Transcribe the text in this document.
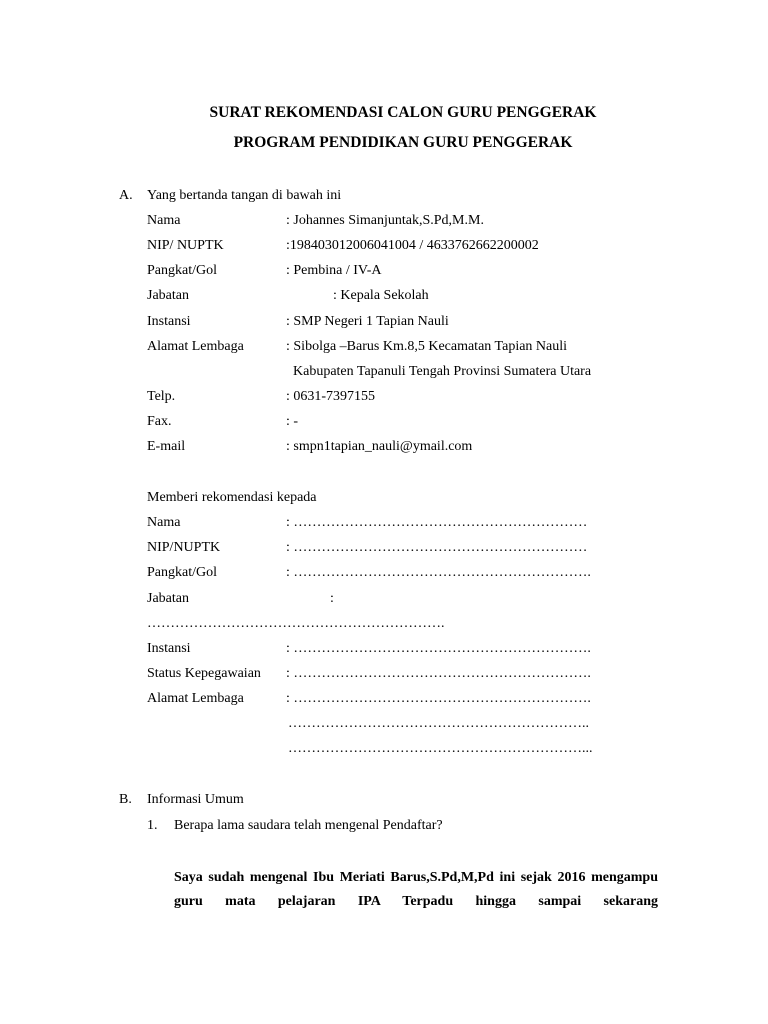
SURAT REKOMENDASI CALON GURU PENGGERAK
PROGRAM PENDIDIKAN GURU PENGGERAK
A. Yang bertanda tangan di bawah ini
Nama	: Johannes Simanjuntak,S.Pd,M.M.
NIP/ NUPTK	:198403012006041004 / 4633762662200002
Pangkat/Gol	: Pembina / IV-A
Jabatan	: Kepala Sekolah
Instansi	: SMP Negeri 1 Tapian Nauli
Alamat Lembaga	: Sibolga –Barus Km.8,5 Kecamatan Tapian Nauli
Kabupaten Tapanuli Tengah Provinsi Sumatera Utara
Telp.	: 0631-7397155
Fax.	: -
E-mail	: smpn1tapian_nauli@ymail.com
Memberi rekomendasi kepada
Nama	: ………………………………………………………
NIP/NUPTK	: ………………………………………………………
Pangkat/Gol	: ……………………………………………………….
Jabatan	:
……………………………………………………….
Instansi	: ……………………………………………………….
Status Kepegawaian : ……………………………………………………….
Alamat Lembaga	: ……………………………………………………….
………………………………………………………..
………………………………………………………...
B. Informasi Umum
1. Berapa lama saudara telah mengenal Pendaftar?
Saya sudah mengenal Ibu Meriati Barus,S.Pd,M,Pd ini sejak 2016 mengampu guru mata pelajaran IPA Terpadu hingga sampai sekarang
